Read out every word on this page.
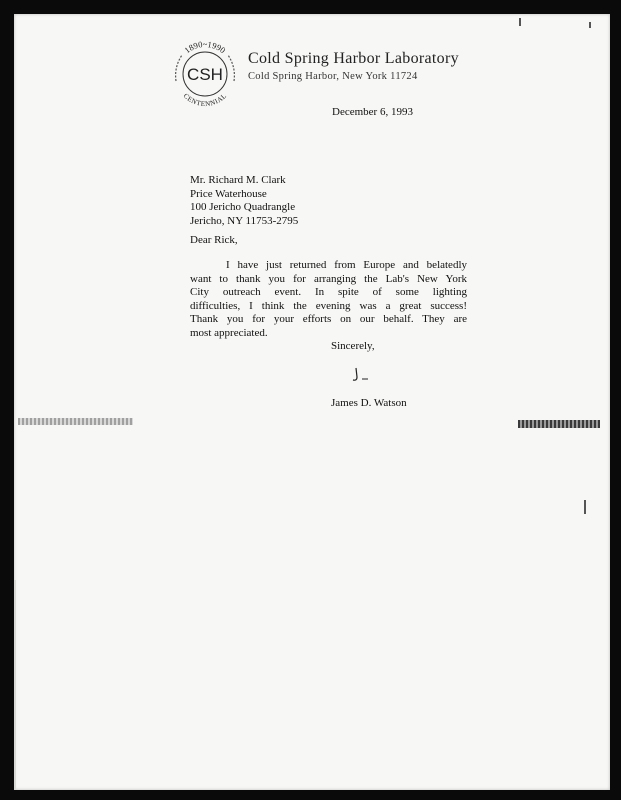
1890~1990
CSH
CENTENNIAL
Cold Spring Harbor Laboratory
Cold Spring Harbor, New York 11724
December 6, 1993
Mr. Richard M. Clark
Price Waterhouse
100 Jericho Quadrangle
Jericho, NY 11753-2795
Dear Rick,
I have just returned from Europe and belatedly
want to thank you for arranging the Lab's New York
City outreach event. In spite of some lighting
difficulties, I think the evening was a great success!
Thank you for your efforts on our behalf. They are
most appreciated.
Sincerely,
James D. Watson
